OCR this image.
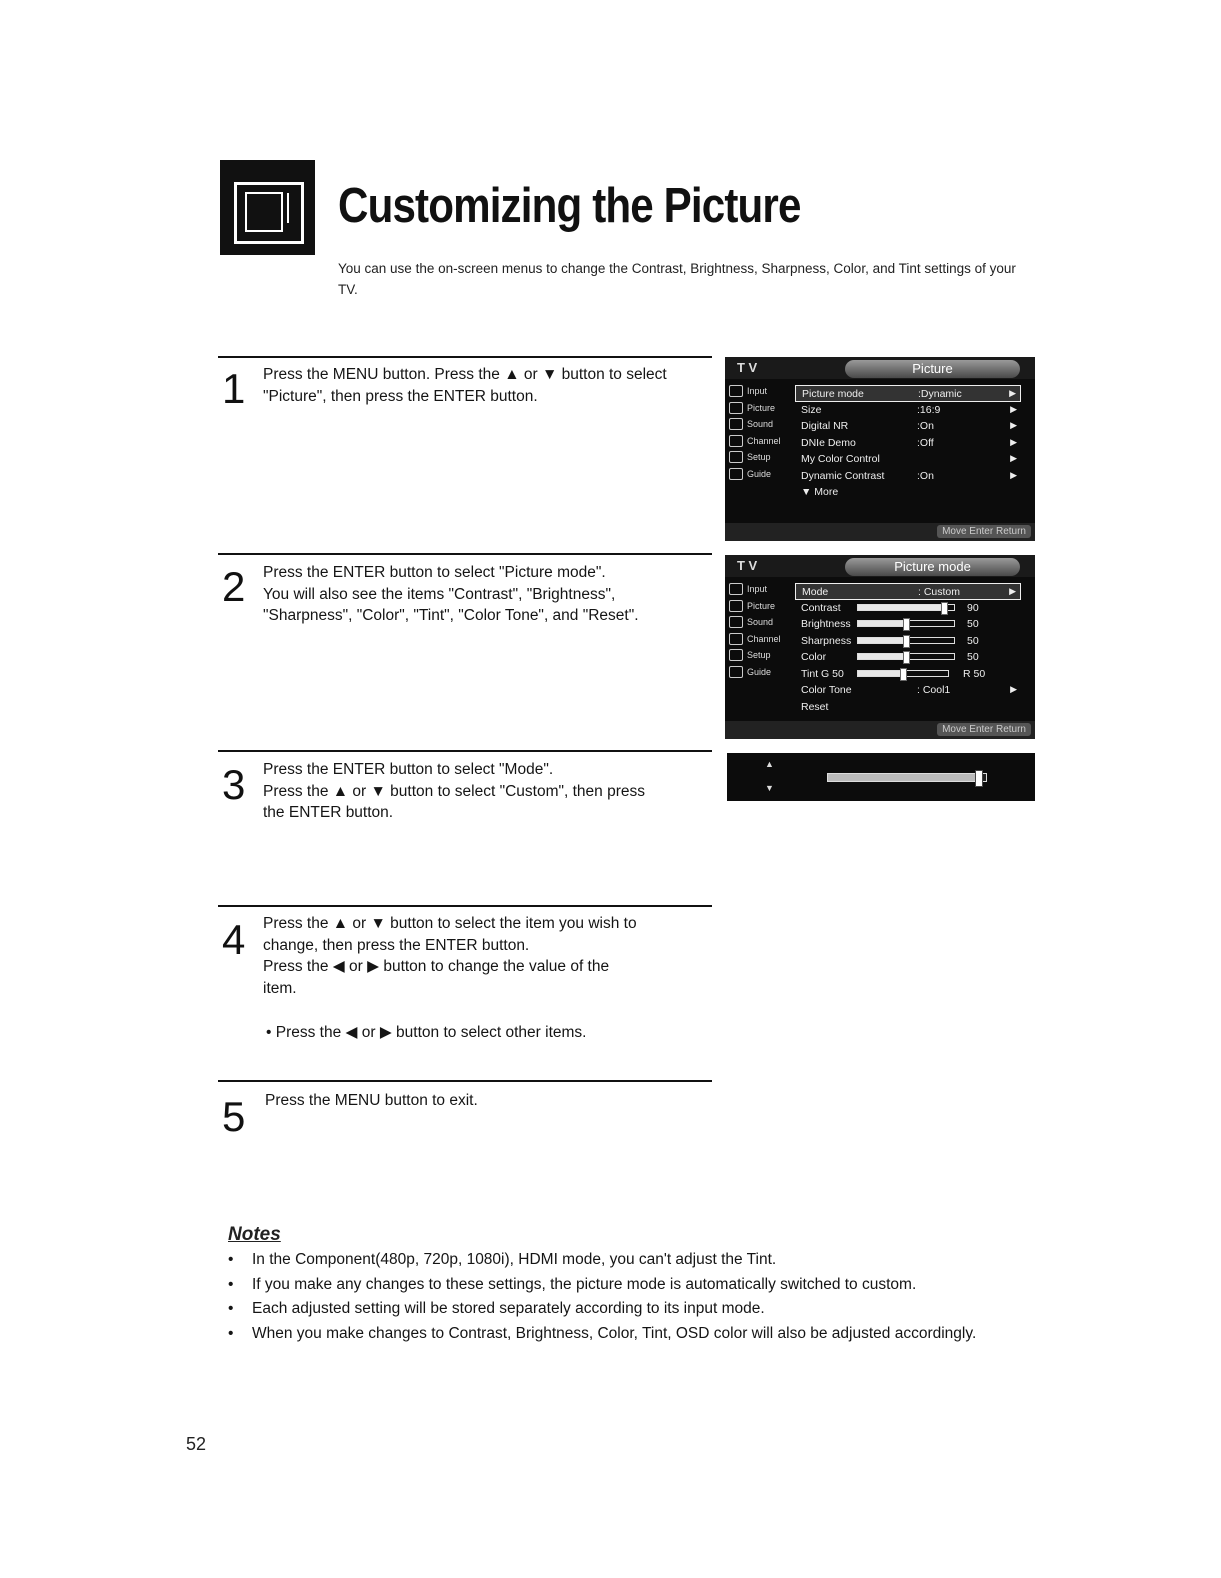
Customizing the Picture
You can use the on-screen menus to change the Contrast, Brightness, Sharpness, Color, and Tint settings of your TV.
1 Press the MENU button. Press the ▲ or ▼ button to select

"Picture", then press the ENTER button.

T V	Picture
Input
Picture
Sound
Channel
Setup
Guide
Picture mode	:Dynamic	▶
Size	:16:9	▶
Digital NR	:On	▶
DNIe Demo	:Off	▶
My Color Control	▶
Dynamic Contrast	:On	▶
▼ More
Move Enter Return
2 Press the ENTER button to select "Picture mode".

You will also see the items "Contrast", "Brightness",

"Sharpness", "Color", "Tint", "Color Tone", and "Reset".

T V	Picture mode
Input
Picture
Sound
Channel
Setup
Guide
Mode	: Custom	▶
Contrast	90
Brightness	50
Sharpness	50
Color	50
Tint G 50	R 50
Color Tone	: Cool1	▶
Reset
Move Enter Return
3 Press the ENTER button to select "Mode".

Press the ▲ or ▼ button to select "Custom", then press

the ENTER button.

▲
▼
4 Press the ▲ or ▼ button to select the item you wish to

change, then press the ENTER button.

Press the ◀ or ▶ button to change the value of the

item.

• Press the ◀ or ▶ button to select other items.
5 Press the MENU button to exit.

Notes
• In the Component(480p, 720p, 1080i), HDMI mode, you can't adjust the Tint.
• If you make any changes to these settings, the picture mode is automatically switched to custom.
• Each adjusted setting will be stored separately according to its input mode.
• When you make changes to Contrast, Brightness, Color, Tint, OSD color will also be adjusted accordingly.
52
